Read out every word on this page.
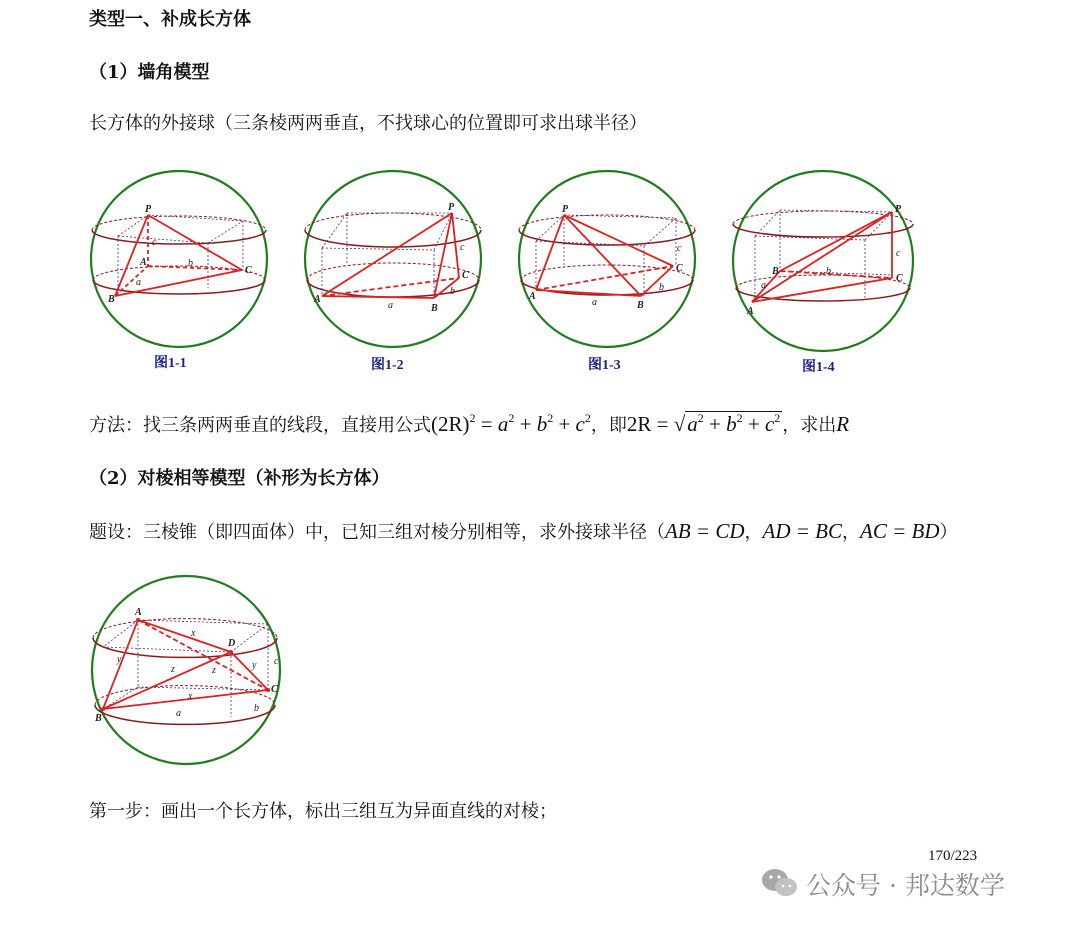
类型一、补成长方体
（1）墙角模型
长方体的外接球（三条棱两两垂直，不找球心的位置即可求出球半径）
P
A
B
C
a
b
c
图1-1
P
A
B
C
a
b
c
图1-2
P
A
B
C
a
b
c
图1-3
P
A
B
C
a
b
c
图1-4
方法：找三条两两垂直的线段，直接用公式$(2R)^2 = a^2 + b^2 + c^2$，即$2R = √a^2 + b^2 + c^2$ ，求出R
（2）对棱相等模型（补形为长方体）
题设：三棱锥（即四面体）中，已知三组对棱分别相等，求外接球半径（AB = CD，AD = BC，AC = BD）
A
B
C
D
a	b
c
x
x
y
y
z	z
第一步：画出一个长方体，标出三组互为异面直线的对棱；
170/223
公众号 · 邦达数学
